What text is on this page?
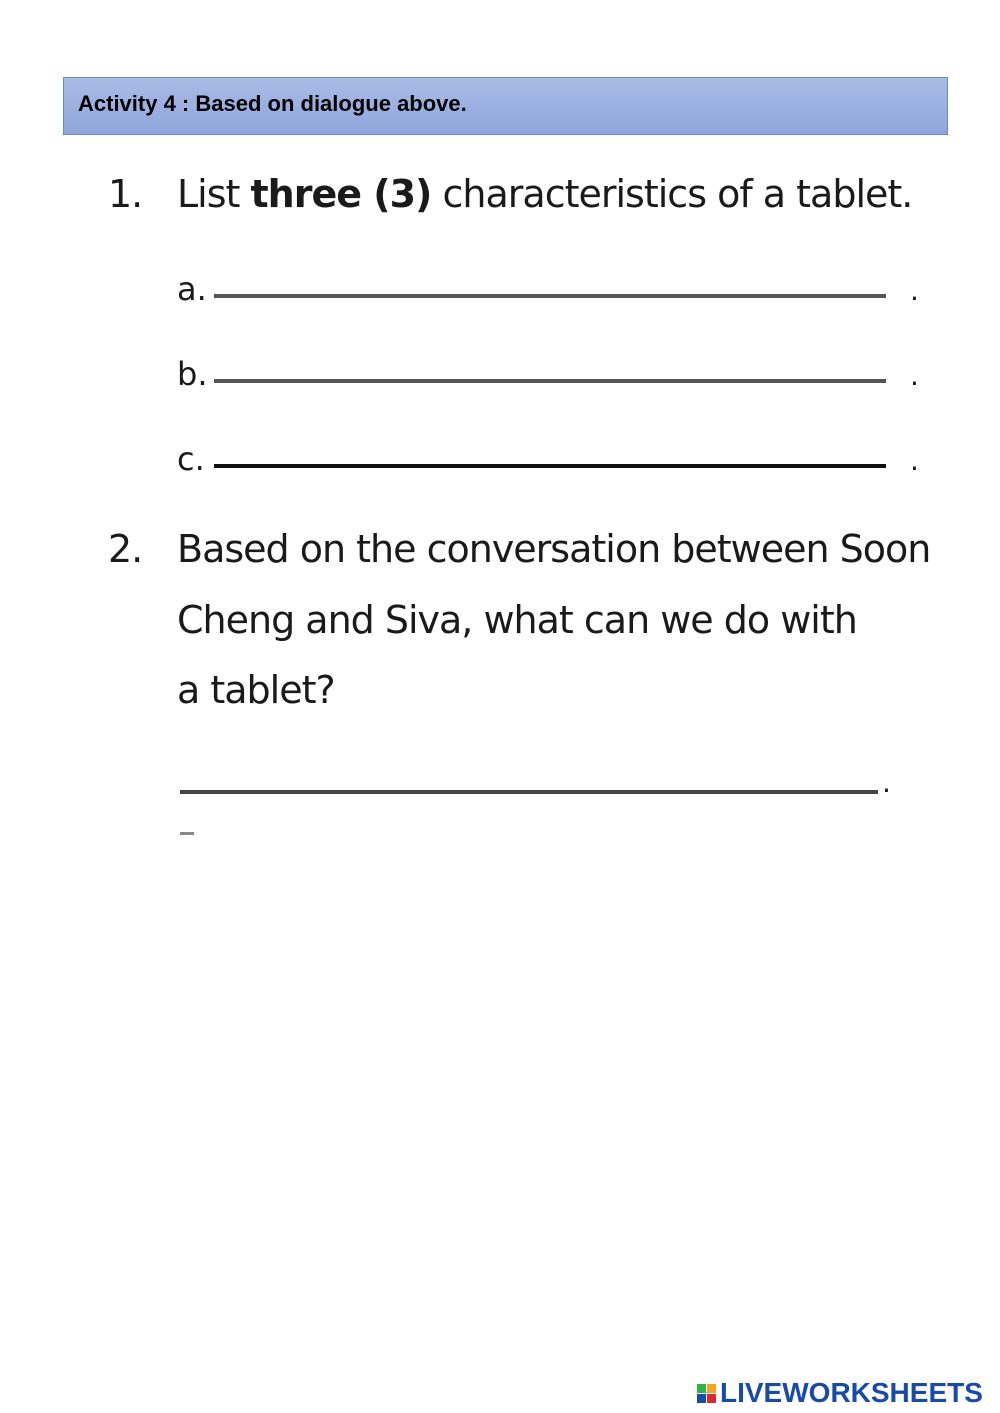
Activity 4 : Based on dialogue above.
1. List three (3) characteristics of a tablet.
a.	.
b.	.
c.	.
2. Based on the conversation between Soon
Cheng and Siva, what can we do with
a tablet?
.
LIVEWORKSHEETS
